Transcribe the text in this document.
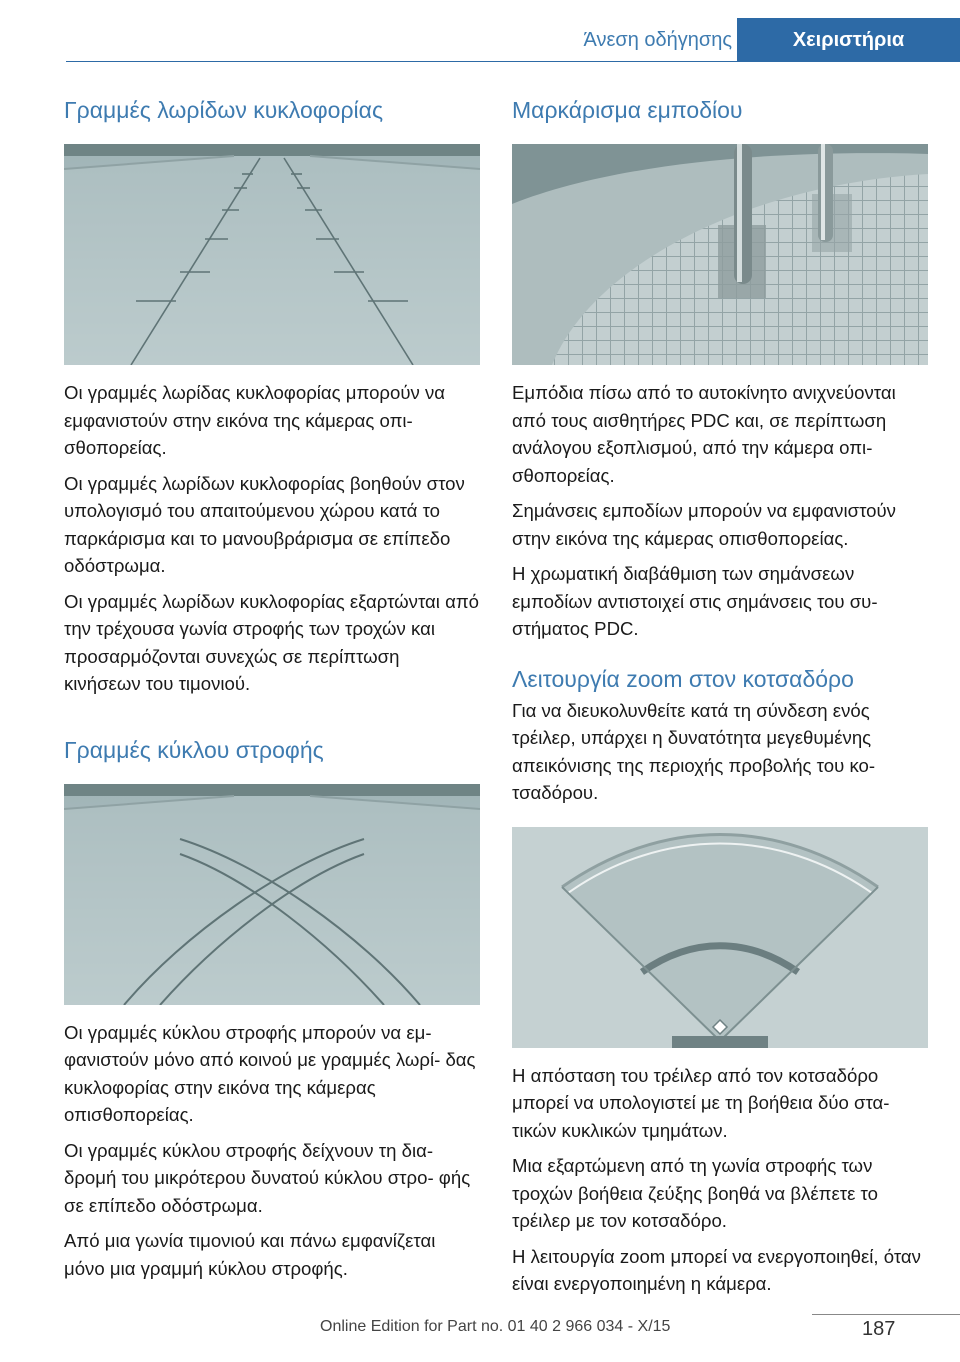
Άνεση οδήγησης	Χειριστήρια
Γραμμές λωρίδων κυκλοφορίας

Οι γραμμές λωρίδας κυκλοφορίας μπορούν να εμφανιστούν στην εικόνα της κάμερας οπι‐ σθοπορείας.

Οι γραμμές λωρίδων κυκλοφορίας βοηθούν στον υπολογισμό του απαιτούμενου χώρου κατά το παρκάρισμα και το μανουβράρισμα σε επίπεδο οδόστρωμα.

Οι γραμμές λωρίδων κυκλοφορίας εξαρτώνται από την τρέχουσα γωνία στροφής των τροχών και προσαρμόζονται συνεχώς σε περίπτωση κινήσεων του τιμονιού.

Γραμμές κύκλου στροφής

Οι γραμμές κύκλου στροφής μπορούν να εμ‐ φανιστούν μόνο από κοινού με γραμμές λωρί‐ δας κυκλοφορίας στην εικόνα της κάμερας οπισθοπορείας.

Οι γραμμές κύκλου στροφής δείχνουν τη δια‐ δρομή του μικρότερου δυνατού κύκλου στρο‐ φής σε επίπεδο οδόστρωμα.

Από μια γωνία τιμονιού και πάνω εμφανίζεται μόνο μια γραμμή κύκλου στροφής.

Μαρκάρισμα εμποδίου

Εμπόδια πίσω από το αυτοκίνητο ανιχνεύονται από τους αισθητήρες PDC και, σε περίπτωση ανάλογου εξοπλισμού, από την κάμερα οπι‐ σθοπορείας.

Σημάνσεις εμποδίων μπορούν να εμφανιστούν στην εικόνα της κάμερας οπισθοπορείας.

Η χρωματική διαβάθμιση των σημάνσεων εμποδίων αντιστοιχεί στις σημάνσεις του συ‐ στήματος PDC.

Λειτουργία zoom στον κοτσαδόρο

Για να διευκολυνθείτε κατά τη σύνδεση ενός τρέιλερ, υπάρχει η δυνατότητα μεγεθυμένης απεικόνισης της περιοχής προβολής του κο‐ τσαδόρου.

Η απόσταση του τρέιλερ από τον κοτσαδόρο μπορεί να υπολογιστεί με τη βοήθεια δύο στα‐ τικών κυκλικών τμημάτων.

Μια εξαρτώμενη από τη γωνία στροφής των τροχών βοήθεια ζεύξης βοηθά να βλέπετε το τρέιλερ με τον κοτσαδόρο.

Η λειτουργία zoom μπορεί να ενεργοποιηθεί, όταν είναι ενεργοποιημένη η κάμερα.

Online Edition for Part no. 01 40 2 966 034 - X/15	187
